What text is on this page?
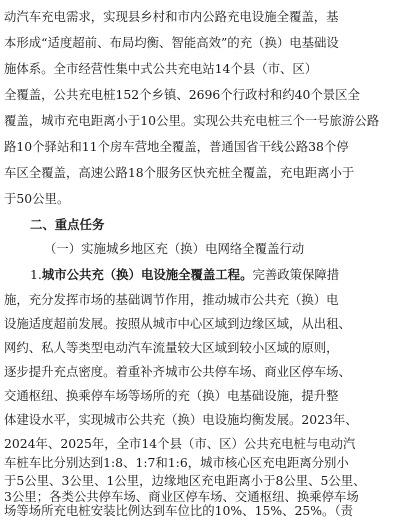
动汽车充电需求，实现县乡村和市内公路充电设施全覆盖，基
本形成“适度超前、布局均衡、智能高效”的充（换）电基础设
施体系。全市经营性集中式公共充电站14个县（市、区）
全覆盖，公共充电桩152个乡镇、2696个行政村和约40个景区全
覆盖，城市充电距离小于10公里。实现公共充电桩三个一号旅游公路
路10个驿站和11个房车营地全覆盖，普通国省干线公路38个停
车区全覆盖，高速公路18个服务区快充桩全覆盖，充电距离小于
于50公里。
二、重点任务
（一）实施城乡地区充（换）电网络全覆盖行动
1.城市公共充（换）电设施全覆盖工程。完善政策保障措
施，充分发挥市场的基础调节作用，推动城市公共充（换）电
设施适度超前发展。按照从城市中心区域到边缘区域，从出租、
网约、私人等类型电动汽车流量较大区域到较小区域的原则，
逐步提升充点密度。着重补齐城市公共停车场、商业区停车场、
交通枢纽、换乘停车场等场所的充（换）电基础设施，提升整
体建设水平，实现城市公共充（换）电设施均衡发展。2023年、
2024年、2025年，全市14个县（市、区）公共充电桩与电动汽
车桩车比分别达到1:8、1:7和1:6，城市核心区充电距离分别小
于5公里、3公里、1公里，边缘地区充电距离小于8公里、5公里、
3公里；各类公共停车场、商业区停车场、交通枢纽、换乘停车场
场等场所充电桩安装比例达到车位比的10%、15%、25%。（责
